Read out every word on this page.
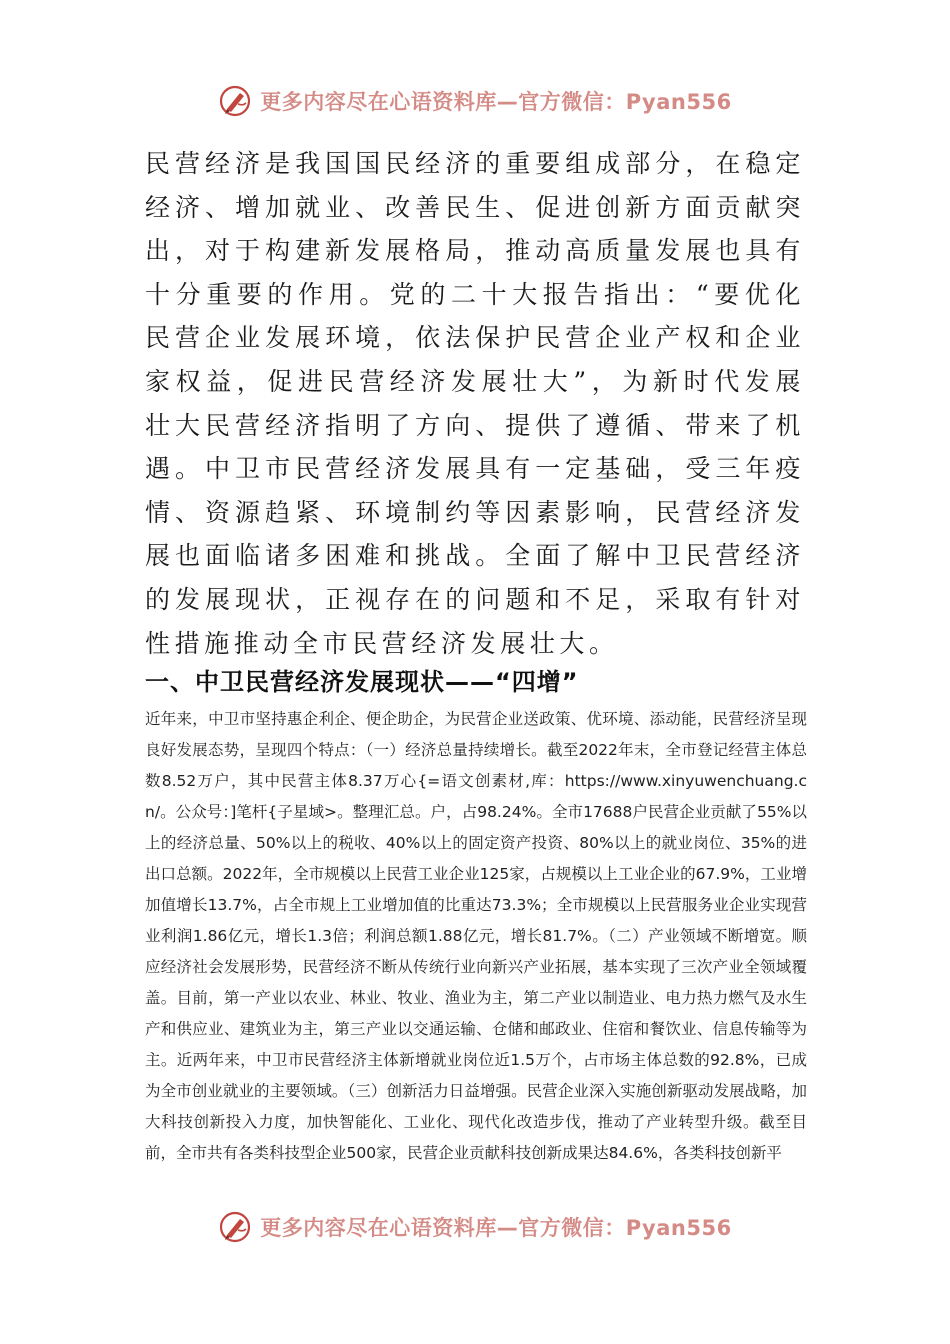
更多内容尽在心语资料库—官方微信：Pyan556

民营经济是我国国民经济的重要组成部分，在稳定经济、增加就业、改善民生、促进创新方面贡献突出，对于构建新发展格局，推动高质量发展也具有十分重要的作用。党的二十大报告指出：“要优化民营企业发展环境，依法保护民营企业产权和企业家权益，促进民营经济发展壮大”，为新时代发展壮大民营经济指明了方向、提供了遵循、带来了机遇。中卫市民营经济发展具有一定基础，受三年疫情、资源趋紧、环境制约等因素影响，民营经济发展也面临诸多困难和挑战。全面了解中卫民营经济的发展现状，正视存在的问题和不足，采取有针对性措施推动全市民营经济发展壮大。

一、中卫民营经济发展现状——“四增”

近年来，中卫市坚持惠企利企、便企助企，为民营企业送政策、优环境、添动能，民营经济呈现良好发展态势，呈现四个特点：（一）经济总量持续增长。截至2022年末，全市登记经营主体总数8.52万户，其中民营主体8.37万心{=语文创素材,库：https://www.xinyuwenchuang.cn/。公众号：]笔杆{子星域>。整理汇总。户，占98.24%。全市17688户民营企业贡献了55%以上的经济总量、50%以上的税收、40%以上的固定资产投资、80%以上的就业岗位、35%的进出口总额。2022年，全市规模以上民营工业企业125家，占规模以上工业企业的67.9%，工业增加值增长13.7%，占全市规上工业增加值的比重达73.3%；全市规模以上民营服务业企业实现营业利润1.86亿元，增长1.3倍；利润总额1.88亿元，增长81.7%。（二）产业领域不断增宽。顺应经济社会发展形势，民营经济不断从传统行业向新兴产业拓展，基本实现了三次产业全领域覆盖。目前，第一产业以农业、林业、牧业、渔业为主，第二产业以制造业、电力热力燃气及水生产和供应业、建筑业为主，第三产业以交通运输、仓储和邮政业、住宿和餐饮业、信息传输等为主。近两年来，中卫市民营经济主体新增就业岗位近1.5万个，占市场主体总数的92.8%，已成为全市创业就业的主要领域。（三）创新活力日益增强。民营企业深入实施创新驱动发展战略，加大科技创新投入力度，加快智能化、工业化、现代化改造步伐，推动了产业转型升级。截至目前，全市共有各类科技型企业500家，民营企业贡献科技创新成果达84.6%，各类科技创新平

更多内容尽在心语资料库—官方微信：Pyan556
